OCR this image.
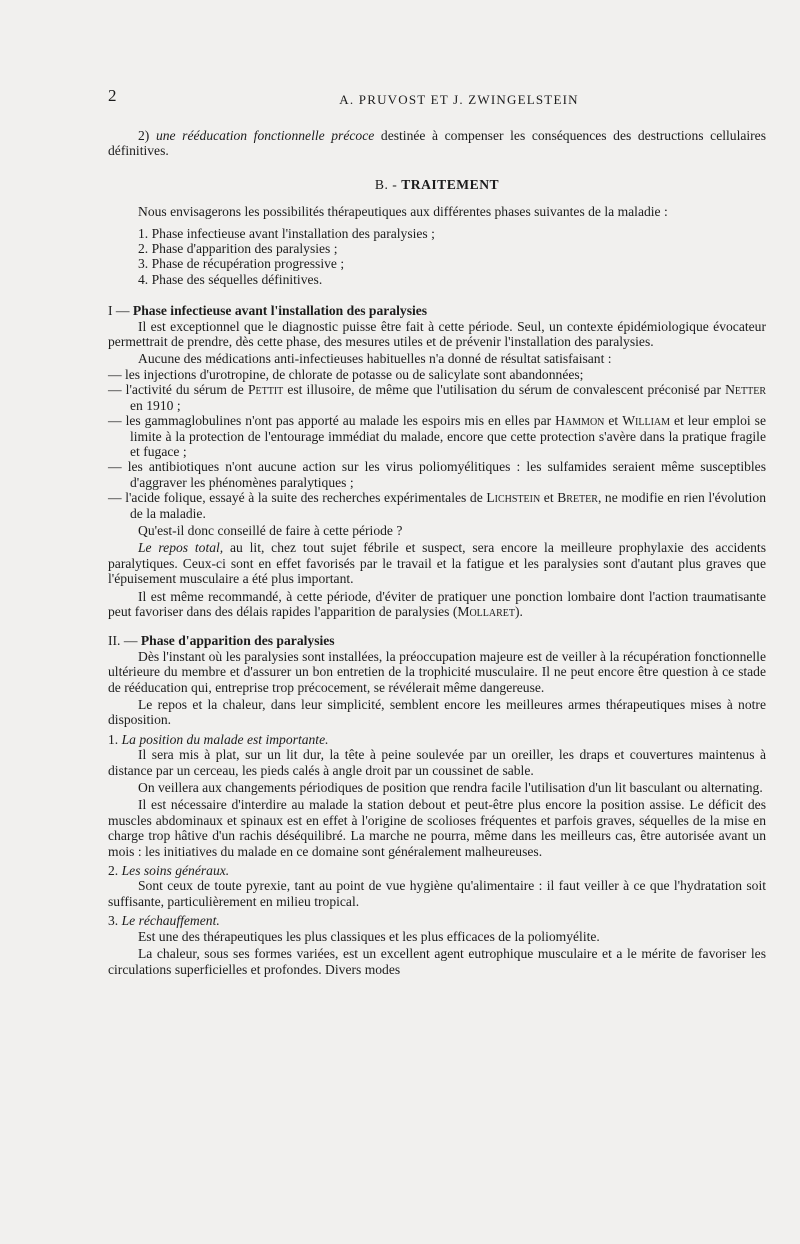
2	A. PRUVOST ET J. ZWINGELSTEIN

2) une rééducation fonctionnelle précoce destinée à compenser les conséquences des destructions cellulaires définitives.

B. - TRAITEMENT

Nous envisagerons les possibilités thérapeutiques aux différentes phases suivantes de la maladie :

1. Phase infectieuse avant l'installation des paralysies ;
2. Phase d'apparition des paralysies ;
3. Phase de récupération progressive ;
4. Phase des séquelles définitives.

I — Phase infectieuse avant l'installation des paralysies

Il est exceptionnel que le diagnostic puisse être fait à cette période. Seul, un contexte épidémiologique évocateur permettrait de prendre, dès cette phase, des mesures utiles et de prévenir l'installation des paralysies.

Aucune des médications anti-infectieuses habituelles n'a donné de résultat satisfaisant :

— les injections d'urotropine, de chlorate de potasse ou de salicylate sont abandonnées;

— l'activité du sérum de Pettit est illusoire, de même que l'utilisation du sérum de convalescent préconisé par Netter en 1910 ;

— les gammaglobulines n'ont pas apporté au malade les espoirs mis en elles par Hammon et William et leur emploi se limite à la protection de l'entourage immédiat du malade, encore que cette protection s'avère dans la pratique fragile et fugace ;

— les antibiotiques n'ont aucune action sur les virus poliomyélitiques : les sulfamides seraient même susceptibles d'aggraver les phénomènes paralytiques ;

— l'acide folique, essayé à la suite des recherches expérimentales de Lichstein et Breter, ne modifie en rien l'évolution de la maladie.

Qu'est-il donc conseillé de faire à cette période ?

Le repos total, au lit, chez tout sujet fébrile et suspect, sera encore la meilleure prophylaxie des accidents paralytiques. Ceux-ci sont en effet favorisés par le travail et la fatigue et les paralysies sont d'autant plus graves que l'épuisement musculaire a été plus important.

Il est même recommandé, à cette période, d'éviter de pratiquer une ponction lombaire dont l'action traumatisante peut favoriser dans des délais rapides l'apparition de paralysies (Mollaret).

II. — Phase d'apparition des paralysies

Dès l'instant où les paralysies sont installées, la préoccupation majeure est de veiller à la récupération fonctionnelle ultérieure du membre et d'assurer un bon entretien de la trophicité musculaire. Il ne peut encore être question à ce stade de rééducation qui, entreprise trop précocement, se révélerait même dangereuse.

Le repos et la chaleur, dans leur simplicité, semblent encore les meilleures armes thérapeutiques mises à notre disposition.

1. La position du malade est importante.

Il sera mis à plat, sur un lit dur, la tête à peine soulevée par un oreiller, les draps et couvertures maintenus à distance par un cerceau, les pieds calés à angle droit par un coussinet de sable.

On veillera aux changements périodiques de position que rendra facile l'utilisation d'un lit basculant ou alternating.

Il est nécessaire d'interdire au malade la station debout et peut-être plus encore la position assise. Le déficit des muscles abdominaux et spinaux est en effet à l'origine de scolioses fréquentes et parfois graves, séquelles de la mise en charge trop hâtive d'un rachis déséquilibré. La marche ne pourra, même dans les meilleurs cas, être autorisée avant un mois : les initiatives du malade en ce domaine sont généralement malheureuses.

2. Les soins généraux.

Sont ceux de toute pyrexie, tant au point de vue hygiène qu'alimentaire : il faut veiller à ce que l'hydratation soit suffisante, particulièrement en milieu tropical.

3. Le réchauffement.

Est une des thérapeutiques les plus classiques et les plus efficaces de la poliomyélite.

La chaleur, sous ses formes variées, est un excellent agent eutrophique musculaire et a le mérite de favoriser les circulations superficielles et profondes. Divers modes
